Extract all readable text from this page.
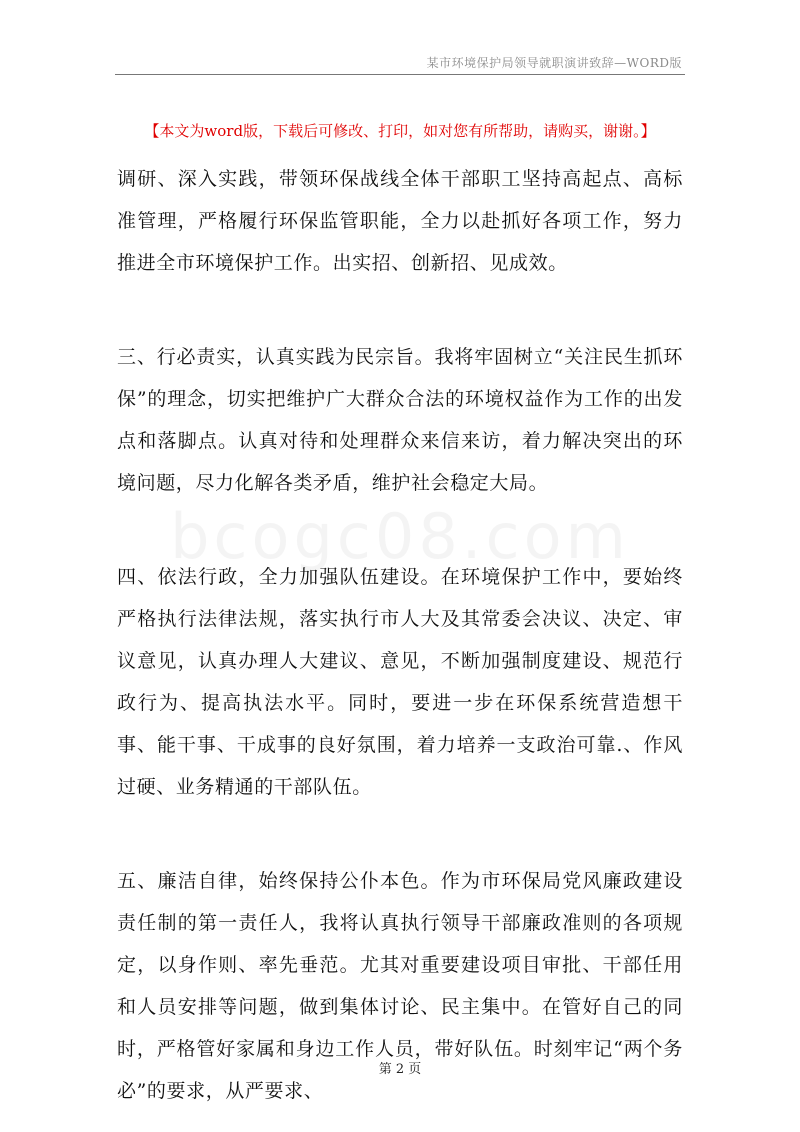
某市环境保护局领导就职演讲致辞—WORD版
【本文为word版，下载后可修改、打印，如对您有所帮助，请购买，谢谢。】

调研、深入实践，带领环保战线全体干部职工坚持高起点、高标准管理，严格履行环保监管职能，全力以赴抓好各项工作，努力推进全市环境保护工作。出实招、创新招、见成效。

三、行必责实，认真实践为民宗旨。我将牢固树立“关注民生抓环保”的理念，切实把维护广大群众合法的环境权益作为工作的出发点和落脚点。认真对待和处理群众来信来访，着力解决突出的环境问题，尽力化解各类矛盾，维护社会稳定大局。

四、依法行政，全力加强队伍建设。在环境保护工作中，要始终严格执行法律法规，落实执行市人大及其常委会决议、决定、审议意见，认真办理人大建议、意见，不断加强制度建设、规范行政行为、提高执法水平。同时，要进一步在环保系统营造想干事、能干事、干成事的良好氛围，着力培养一支政治可靠.、作风过硬、业务精通的干部队伍。

五、廉洁自律，始终保持公仆本色。作为市环保局党风廉政建设责任制的第一责任人，我将认真执行领导干部廉政准则的各项规定，以身作则、率先垂范。尤其对重要建设项目审批、干部任用和人员安排等问题，做到集体讨论、民主集中。在管好自己的同时，严格管好家属和身边工作人员，带好队伍。时刻牢记“两个务必”的要求，从严要求、

第 2 页
